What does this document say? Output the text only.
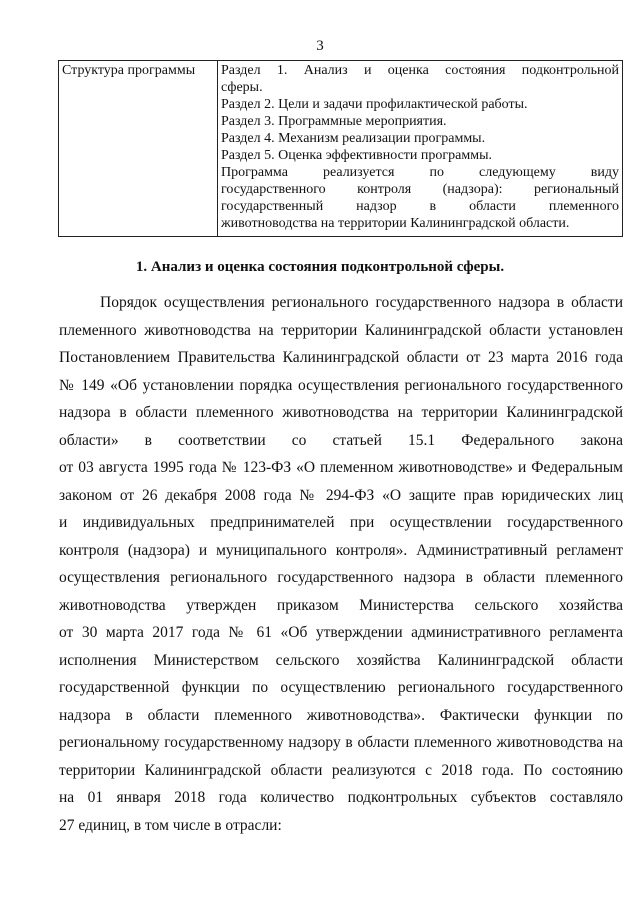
3
Структура программы	Раздел 1. Анализ и оценка состояния подконтрольной
сферы.
Раздел 2. Цели и задачи профилактической работы.
Раздел 3. Программные мероприятия.
Раздел 4. Механизм реализации программы.
Раздел 5. Оценка эффективности программы.
Программа реализуется по следующему виду
государственного контроля (надзора): региональный
государственный надзор в области племенного
животноводства на территории Калининградской области.
1. Анализ и оценка состояния подконтрольной сферы.
Порядок осуществления регионального государственного надзора в области
племенного животноводства на территории Калининградской области установлен
Постановлением Правительства Калининградской области от 23 марта 2016 года
№ 149 «Об установлении порядка осуществления регионального государственного
надзора в области племенного животноводства на территории Калининградской
области» в соответствии со статьей 15.1 Федерального закона
от 03 августа 1995 года № 123-ФЗ «О племенном животноводстве» и Федеральным
законом от 26 декабря 2008 года № 294-ФЗ «О защите прав юридических лиц
и индивидуальных предпринимателей при осуществлении государственного
контроля (надзора) и муниципального контроля». Административный регламент
осуществления регионального государственного надзора в области племенного
животноводства утвержден приказом Министерства сельского хозяйства
от 30 марта 2017 года № 61 «Об утверждении административного регламента
исполнения Министерством сельского хозяйства Калининградской области
государственной функции по осуществлению регионального государственного
надзора в области племенного животноводства». Фактически функции по
региональному государственному надзору в области племенного животноводства на
территории Калининградской области реализуются с 2018 года. По состоянию
на 01 января 2018 года количество подконтрольных субъектов составляло
27 единиц, в том числе в отрасли:
